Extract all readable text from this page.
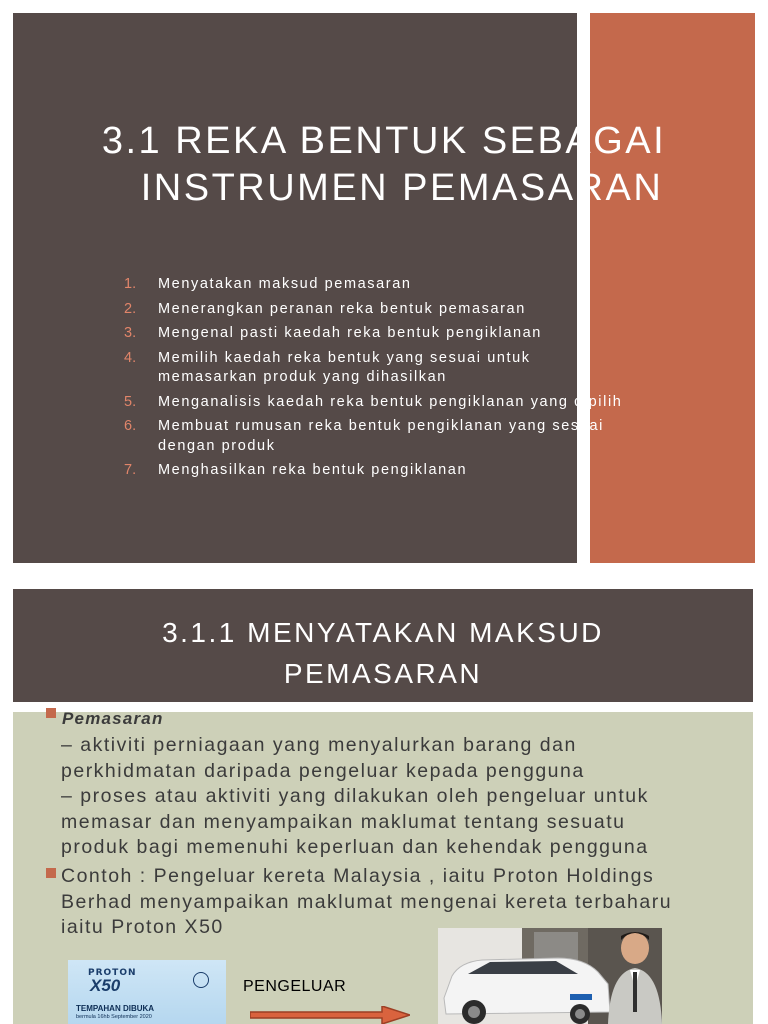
3.1 REKA BENTUK SEBAGAI
INSTRUMEN PEMASARAN
1.	Menyatakan maksud pemasaran
2.	Menerangkan peranan reka bentuk pemasaran
3.	Mengenal pasti kaedah reka bentuk pengiklanan
4.	Memilih kaedah reka bentuk yang sesuai untuk memasarkan produk yang dihasilkan
5.	Menganalisis kaedah reka bentuk pengiklanan yang dipilih
6.	Membuat rumusan reka bentuk pengiklanan yang sesuai dengan produk
7.	Menghasilkan reka bentuk pengiklanan
3.1.1 MENYATAKAN MAKSUD
PEMASARAN
Pemasaran
– aktiviti perniagaan yang menyalurkan barang dan
perkhidmatan daripada pengeluar kepada pengguna
– proses atau aktiviti yang dilakukan oleh pengeluar untuk
memasar dan menyampaikan maklumat tentang sesuatu
produk bagi memenuhi keperluan dan kehendak pengguna
Contoh : Pengeluar kereta Malaysia , iaitu Proton Holdings
Berhad menyampaikan maklumat mengenai kereta terbaharu
iaitu Proton X50
PROTON
X50
TEMPAHAN DIBUKA
bermula 16hb September 2020
PENGELUAR
